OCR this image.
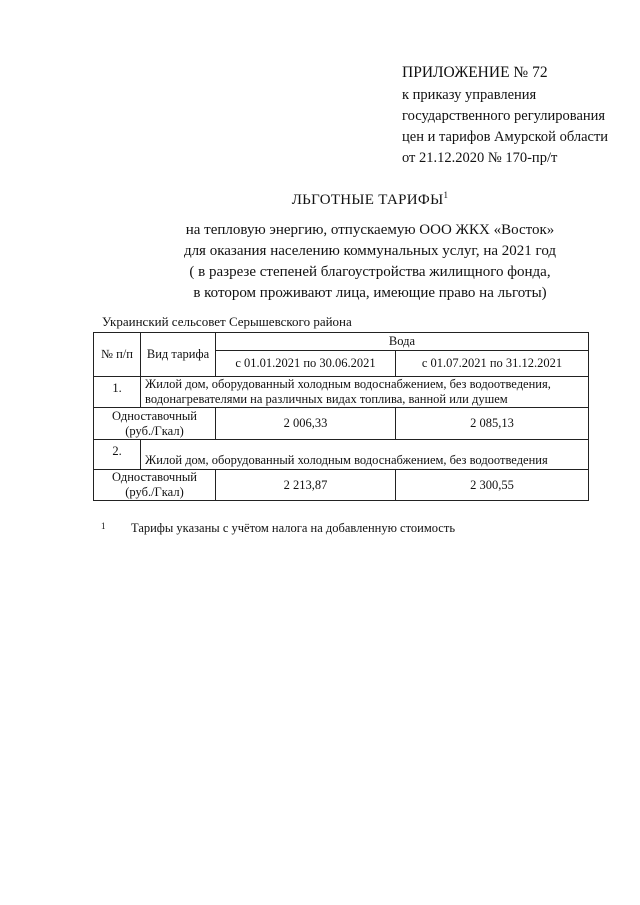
ПРИЛОЖЕНИЕ № 72
к приказу управления
государственного регулирования
цен и тарифов Амурской области
от 21.12.2020 № 170-пр/т
ЛЬГОТНЫЕ ТАРИФЫ$^1$
на тепловую энергию, отпускаемую ООО ЖКХ «Восток»
для оказания населению коммунальных услуг, на 2021 год
( в разрезе степеней благоустройства жилищного фонда,
в котором проживают лица, имеющие право на льготы)
Украинский сельсовет Серышевского района
№ п/п	Вид тарифа	Вода	
		с 01.01.2021 по 30.06.2021	с 01.07.2021 по 31.12.2021
1.	Жилой дом, оборудованный холодным водоснабжением, без водоотведения, водонагревателями на различных видах топлива, ванной или душем		

Одноставочный
(руб./Гкал)		2 006,33	2 085,13
2.	Жилой дом, оборудованный холодным водоснабжением, без водоотведения		

Одноставочный
(руб./Гкал)		2 213,87	2 300,55
1 Тарифы указаны с учётом налога на добавленную стоимость
